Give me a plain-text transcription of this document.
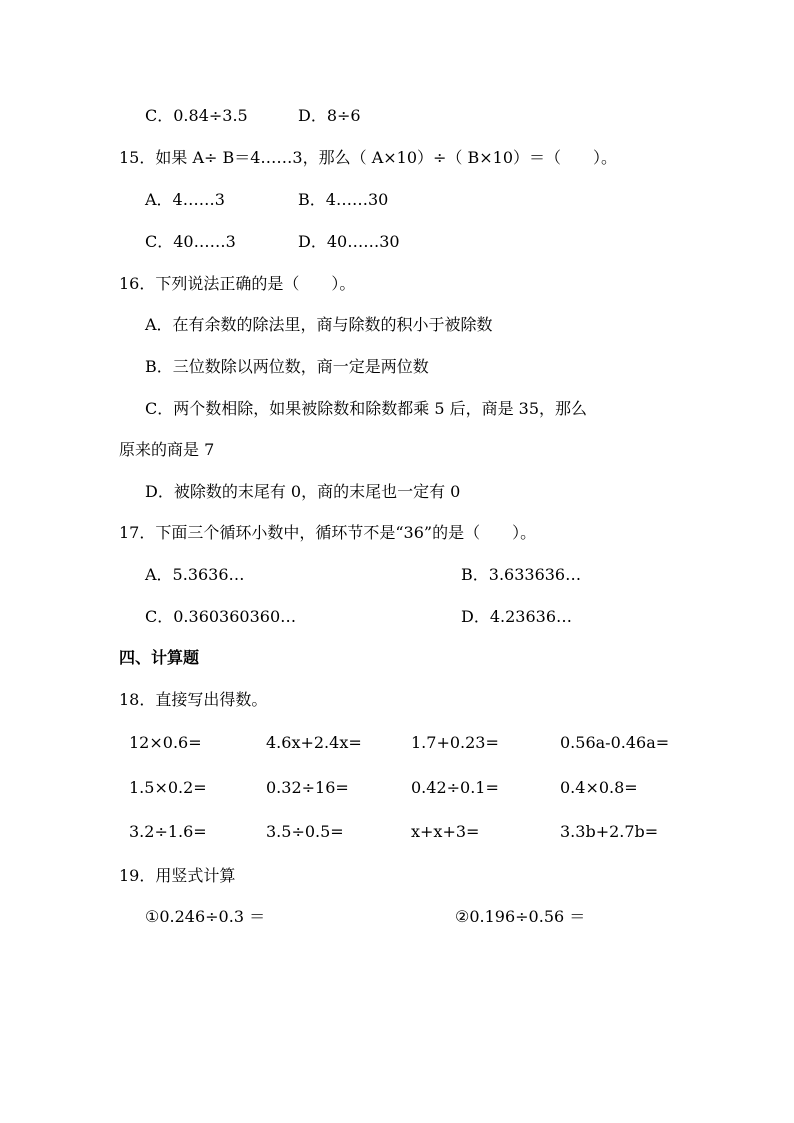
C．0.84÷3.5	D．8÷6
15．如果 A÷ B＝4……3，那么（ A×10）÷（ B×10）＝（　　）。
A．4……3	B．4……30
C．40……3	D．40……30
16．下列说法正确的是（　　）。
A．在有余数的除法里，商与除数的积小于被除数
B．三位数除以两位数，商一定是两位数
C．两个数相除，如果被除数和除数都乘 5 后，商是 35，那么
原来的商是 7
D．被除数的末尾有 0，商的末尾也一定有 0
17．下面三个循环小数中，循环节不是“36”的是（　　）。
A．5.3636…	B．3.633636…
C．0.360360360…	D．4.23636…
四、计算题
18．直接写出得数。
12×0.6=	4.6x+2.4x=	1.7+0.23=	0.56a-0.46a=
1.5×0.2=	0.32÷16=	0.42÷0.1=	0.4×0.8=
3.2÷1.6=	3.5÷0.5=	x+x+3=	3.3b+2.7b=
19．用竖式计算
①0.246÷0.3 ＝	②0.196÷0.56 ＝
